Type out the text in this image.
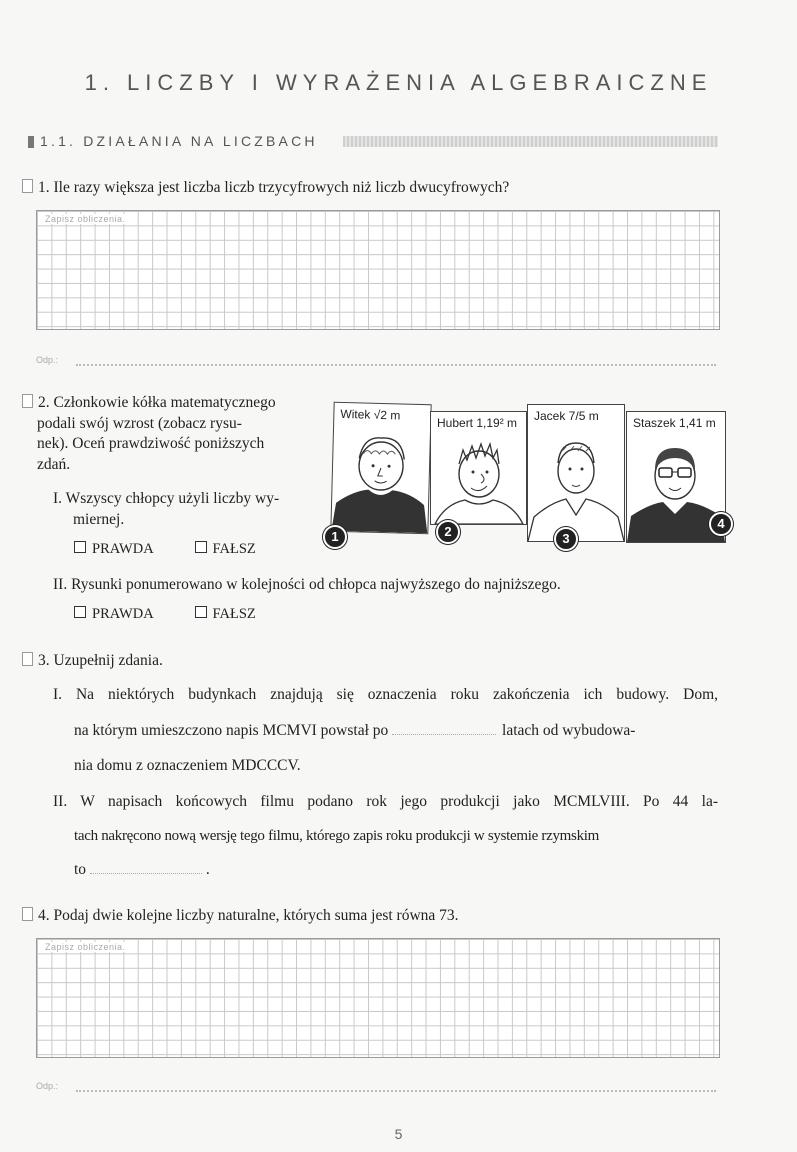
1. LICZBY I WYRAŻENIA ALGEBRAICZNE
1.1. DZIAŁANIA NA LICZBACH
1. Ile razy większa jest liczba liczb trzycyfrowych niż liczb dwucyfrowych?
Zapisz obliczenia.
Odp.:
2. Członkowie kółka matematycznego
podali swój wzrost (zobacz rysu-
nek). Oceń prawdziwość poniższych
zdań.
I. Wszyscy chłopcy użyli liczby wy-
miernej.
PRAWDA	FAŁSZ
Witek √2 m
1
Hubert 1,19² m
2
Jacek 7/5 m
3
Staszek 1,41 m
4
II. Rysunki ponumerowano w kolejności od chłopca najwyższego do najniższego.
PRAWDA	FAŁSZ
3. Uzupełnij zdania.
I. Na niektórych budynkach znajdują się oznaczenia roku zakończenia ich budowy. Dom,
na którym umieszczono napis MCMVI powstał po	latach od wybudowa-
nia domu z oznaczeniem MDCCCV.
II. W napisach końcowych filmu podano rok jego produkcji jako MCMLVIII. Po 44 la-
tach nakręcono nową wersję tego filmu, którego zapis roku produkcji w systemie rzymskim
to	.
4. Podaj dwie kolejne liczby naturalne, których suma jest równa 73.
Zapisz obliczenia.
Odp.:
5
